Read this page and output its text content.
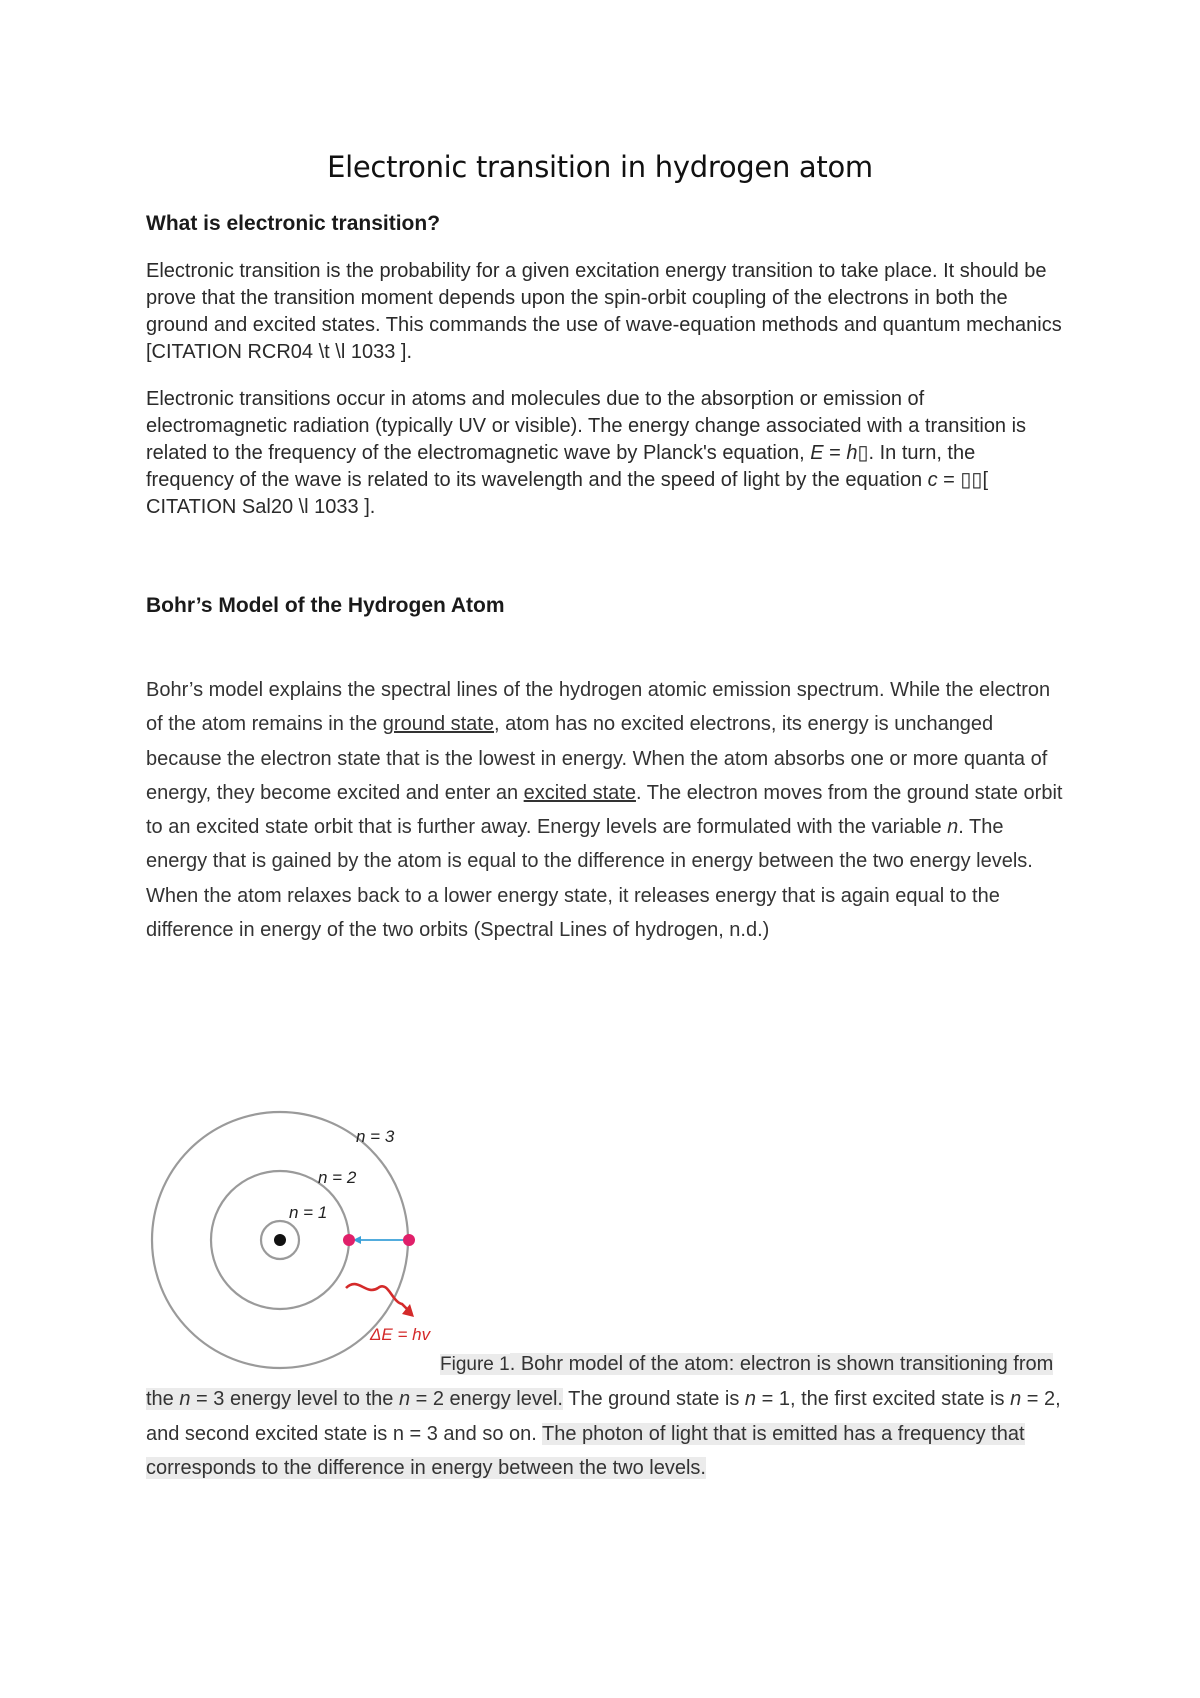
Electronic transition in hydrogen atom
What is electronic transition?

Electronic transition is the probability for a given excitation energy transition to take place. It should be prove that the transition moment depends upon the spin-orbit coupling of the electrons in both the ground and excited states. This commands the use of wave-equation methods and quantum mechanics [CITATION RCR04 \t \l 1033 ].

Electronic transitions occur in atoms and molecules due to the absorption or emission of electromagnetic radiation (typically UV or visible). The energy change associated with a transition is related to the frequency of the electromagnetic wave by Planck's equation, E = h▯. In turn, the frequency of the wave is related to its wavelength and the speed of light by the equation c = ▯▯[ CITATION Sal20 \l 1033 ].

Bohr’s Model of the Hydrogen Atom

Bohr’s model explains the spectral lines of the hydrogen atomic emission spectrum. While the electron of the atom remains in the ground state, atom has no excited electrons, its energy is unchanged because the electron state that is the lowest in energy. When the atom absorbs one or more quanta of energy, they become excited and enter an excited state. The electron moves from the ground state orbit to an excited state orbit that is further away. Energy levels are formulated with the variable n. The energy that is gained by the atom is equal to the difference in energy between the two energy levels. When the atom relaxes back to a lower energy state, it releases energy that is again equal to the difference in energy of the two orbits (Spectral Lines of hydrogen, n.d.)

n = 3
n = 2
n = 1
ΔE = hv

Figure 1. Bohr model of the atom: electron is shown transitioning from the n = 3 energy level to the n = 2 energy level. The ground state is n = 1, the first excited state is n = 2, and second excited state is n = 3 and so on. The photon of light that is emitted has a frequency that corresponds to the difference in energy between the two levels.
